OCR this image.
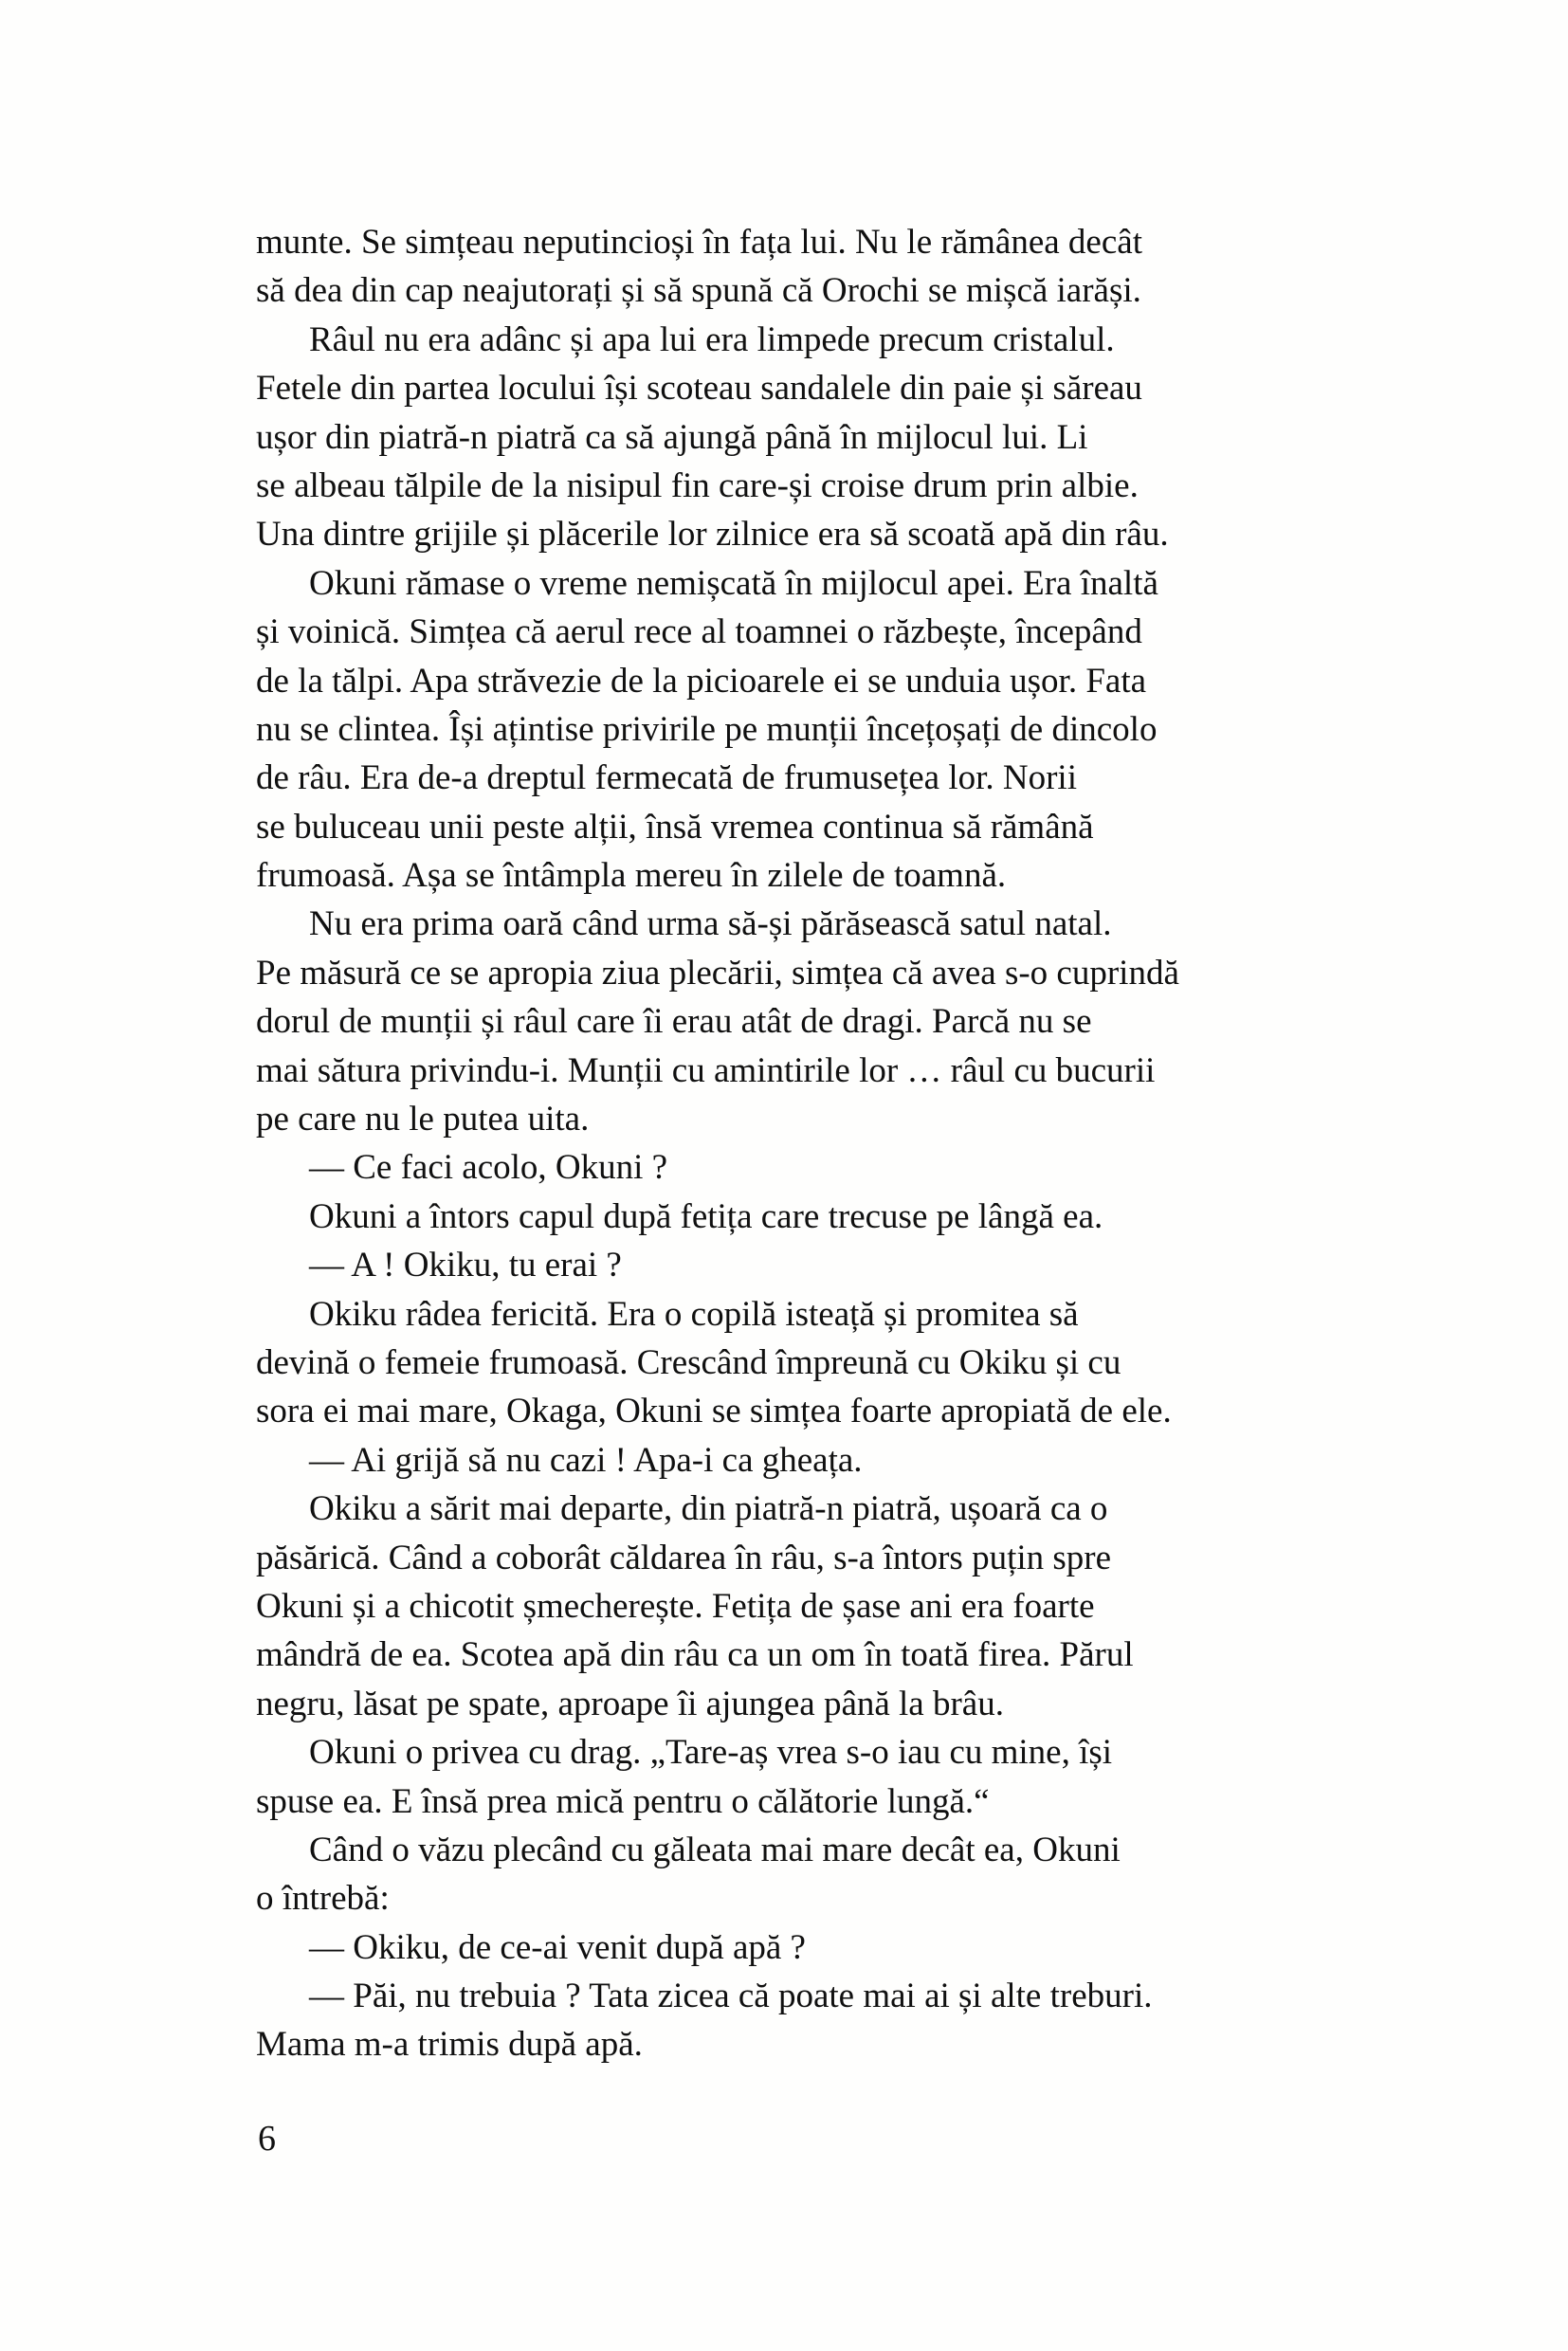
munte. Se simțeau neputincioși în fața lui. Nu le rămânea decât
să dea din cap neajutorați și să spună că Orochi se mișcă iarăși.
Râul nu era adânc și apa lui era limpede precum cristalul.
Fetele din partea locului își scoteau sandalele din paie și săreau
ușor din piatră-n piatră ca să ajungă până în mijlocul lui. Li
se albeau tălpile de la nisipul fin care-și croise drum prin albie.
Una dintre grijile și plăcerile lor zilnice era să scoată apă din râu.
Okuni rămase o vreme nemișcată în mijlocul apei. Era înaltă
și voinică. Simțea că aerul rece al toamnei o răzbește, începând
de la tălpi. Apa străvezie de la picioarele ei se unduia ușor. Fata
nu se clintea. Își ațintise privirile pe munții încețoșați de dincolo
de râu. Era de-a dreptul fermecată de frumusețea lor. Norii
se buluceau unii peste alții, însă vremea continua să rămână
frumoasă. Așa se întâmpla mereu în zilele de toamnă.
Nu era prima oară când urma să-și părăsească satul natal.
Pe măsură ce se apropia ziua plecării, simțea că avea s-o cuprindă
dorul de munții și râul care îi erau atât de dragi. Parcă nu se
mai sătura privindu-i. Munții cu amintirile lor … râul cu bucurii
pe care nu le putea uita.
— Ce faci acolo, Okuni ?
Okuni a întors capul după fetița care trecuse pe lângă ea.
— A ! Okiku, tu erai ?
Okiku râdea fericită. Era o copilă isteață și promitea să
devină o femeie frumoasă. Crescând împreună cu Okiku și cu
sora ei mai mare, Okaga, Okuni se simțea foarte apropiată de ele.
— Ai grijă să nu cazi ! Apa-i ca gheața.
Okiku a sărit mai departe, din piatră-n piatră, ușoară ca o
păsărică. Când a coborât căldarea în râu, s-a întors puțin spre
Okuni și a chicotit șmecherește. Fetița de șase ani era foarte
mândră de ea. Scotea apă din râu ca un om în toată firea. Părul
negru, lăsat pe spate, aproape îi ajungea până la brâu.
Okuni o privea cu drag. „Tare-aș vrea s-o iau cu mine, își
spuse ea. E însă prea mică pentru o călătorie lungă.“
Când o văzu plecând cu găleata mai mare decât ea, Okuni
o întrebă:
— Okiku, de ce-ai venit după apă ?
— Păi, nu trebuia ? Tata zicea că poate mai ai și alte treburi.
Mama m-a trimis după apă.
6
